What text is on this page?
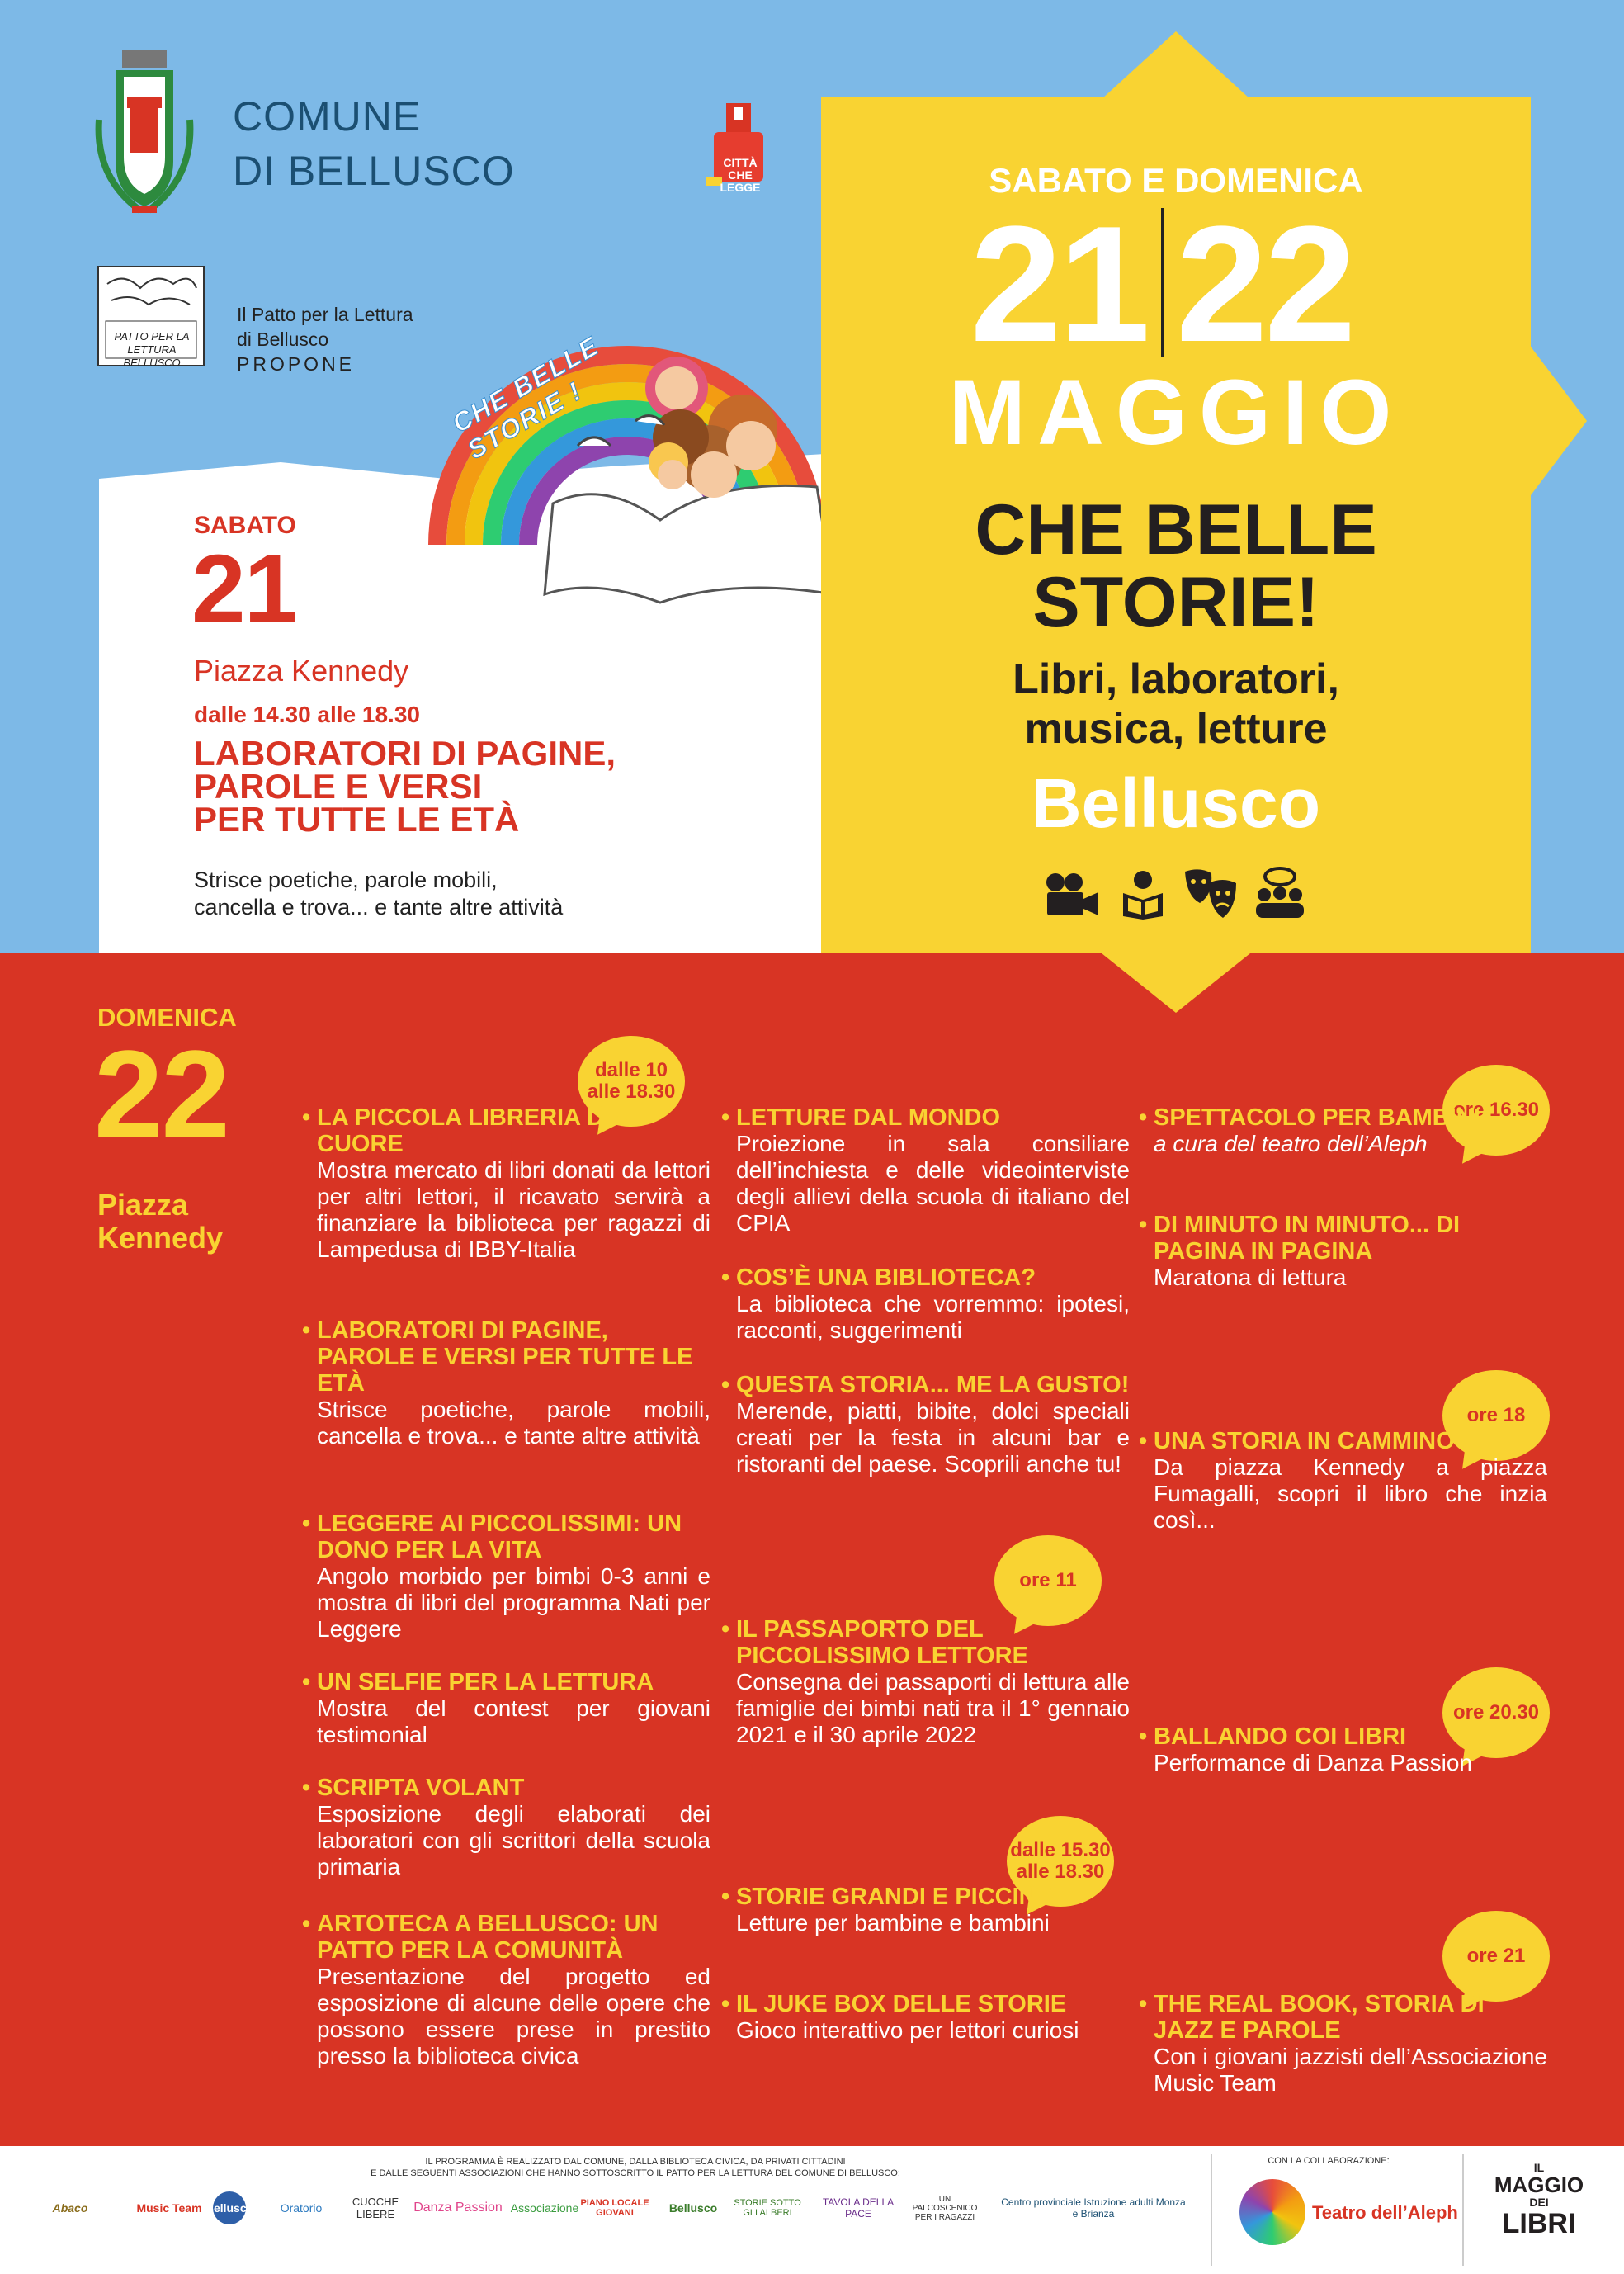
COMUNE
DI BELLUSCO	CITTÀ CHE LEGGE
PATTO PER LA LETTURA BELLUSCO
Il Patto per la Lettura
di Bellusco
PROPONE	CHE BELLE STORIE !
SABATO E DOMENICA
21 22
MAGGIO
CHE BELLE
STORIE!
Libri, laboratori,
musica, letture
Bellusco
SABATO
21
Piazza Kennedy
dalle 14.30 alle 18.30
LABORATORI DI PAGINE,
PAROLE E VERSI
PER TUTTE LE ETÀ
Strisce poetiche, parole mobili,
cancella e trova... e tante altre attività
DOMENICA
22
Piazza
Kennedy
dalle 10 alle 18.30
ore 11
dalle 15.30 alle 18.30
ore 16.30
ore 18
ore 20.30
ore 21
• LA PICCOLA LIBRERIA DEL CUORE
Mostra mercato di libri donati da lettori per altri lettori, il ricavato servirà a finanziare la biblioteca per ragazzi di Lampedusa di IBBY-Italia
• LABORATORI DI PAGINE, PAROLE E VERSI PER TUTTE LE ETÀ
Strisce poetiche, parole mobili, cancella e trova... e tante altre attività
• LEGGERE AI PICCOLISSIMI: UN DONO PER LA VITA
Angolo morbido per bimbi 0-3 anni e mostra di libri del programma Nati per Leggere
• UN SELFIE PER LA LETTURA
Mostra del contest per giovani testimonial
• SCRIPTA VOLANT
Esposizione degli elaborati dei laboratori con gli scrittori della scuola primaria
• ARTOTECA A BELLUSCO: UN PATTO PER LA COMUNITÀ
Presentazione del progetto ed esposizione di alcune delle opere che possono essere prese in prestito presso la biblioteca civica
• LETTURE DAL MONDO
Proiezione in sala consiliare dell’inchiesta e delle videointerviste degli allievi della scuola di italiano del CPIA
• COS’È UNA BIBLIOTECA?
La biblioteca che vorremmo: ipotesi, racconti, suggerimenti
• QUESTA STORIA... ME LA GUSTO!
Merende, piatti, bibite, dolci speciali creati per la festa in alcuni bar e ristoranti del paese. Scoprili anche tu!
• IL PASSAPORTO DEL PICCOLISSIMO LETTORE
Consegna dei passaporti di lettura alle famiglie dei bimbi nati tra il 1° gennaio 2021 e il 30 aprile 2022
• STORIE GRANDI E PICCINE
Letture per bambine e bambini
• IL JUKE BOX DELLE STORIE
Gioco interattivo per lettori curiosi
• SPETTACOLO PER BAMBINI
a cura del teatro dell’Aleph
• DI MINUTO IN MINUTO... DI PAGINA IN PAGINA
Maratona di lettura
• UNA STORIA IN CAMMINO
Da piazza Kennedy a piazza Fumagalli, scopri il libro che inzia così...
• BALLANDO COI LIBRI
Performance di Danza Passion
• THE REAL BOOK, STORIA DI JAZZ E PAROLE
Con i giovani jazzisti dell’Associazione Music Team
IL PROGRAMMA È REALIZZATO DAL COMUNE, DALLA BIBLIOTECA CIVICA, DA PRIVATI CITTADINI
E DALLE SEGUENTI ASSOCIAZIONI CHE HANNO SOTTOSCRITTO IL PATTO PER LA LETTURA DEL COMUNE DI BELLUSCO:
Abaco	Music Team Bellusco	Oratorio	CUOCHE LIBERE	Danza Passion Associazione PIANO LOCALE GIOVANI	Bellusco	STORIE SOTTO GLI ALBERI
TAVOLA DELLA PACE
UN PALCOSCENICO PER I RAGAZZI
Centro provinciale Istruzione adulti Monza e Brianza
CON LA COLLABORAZIONE:
Teatro dell’Aleph
IL
MAGGIO
DEI
LIBRI
